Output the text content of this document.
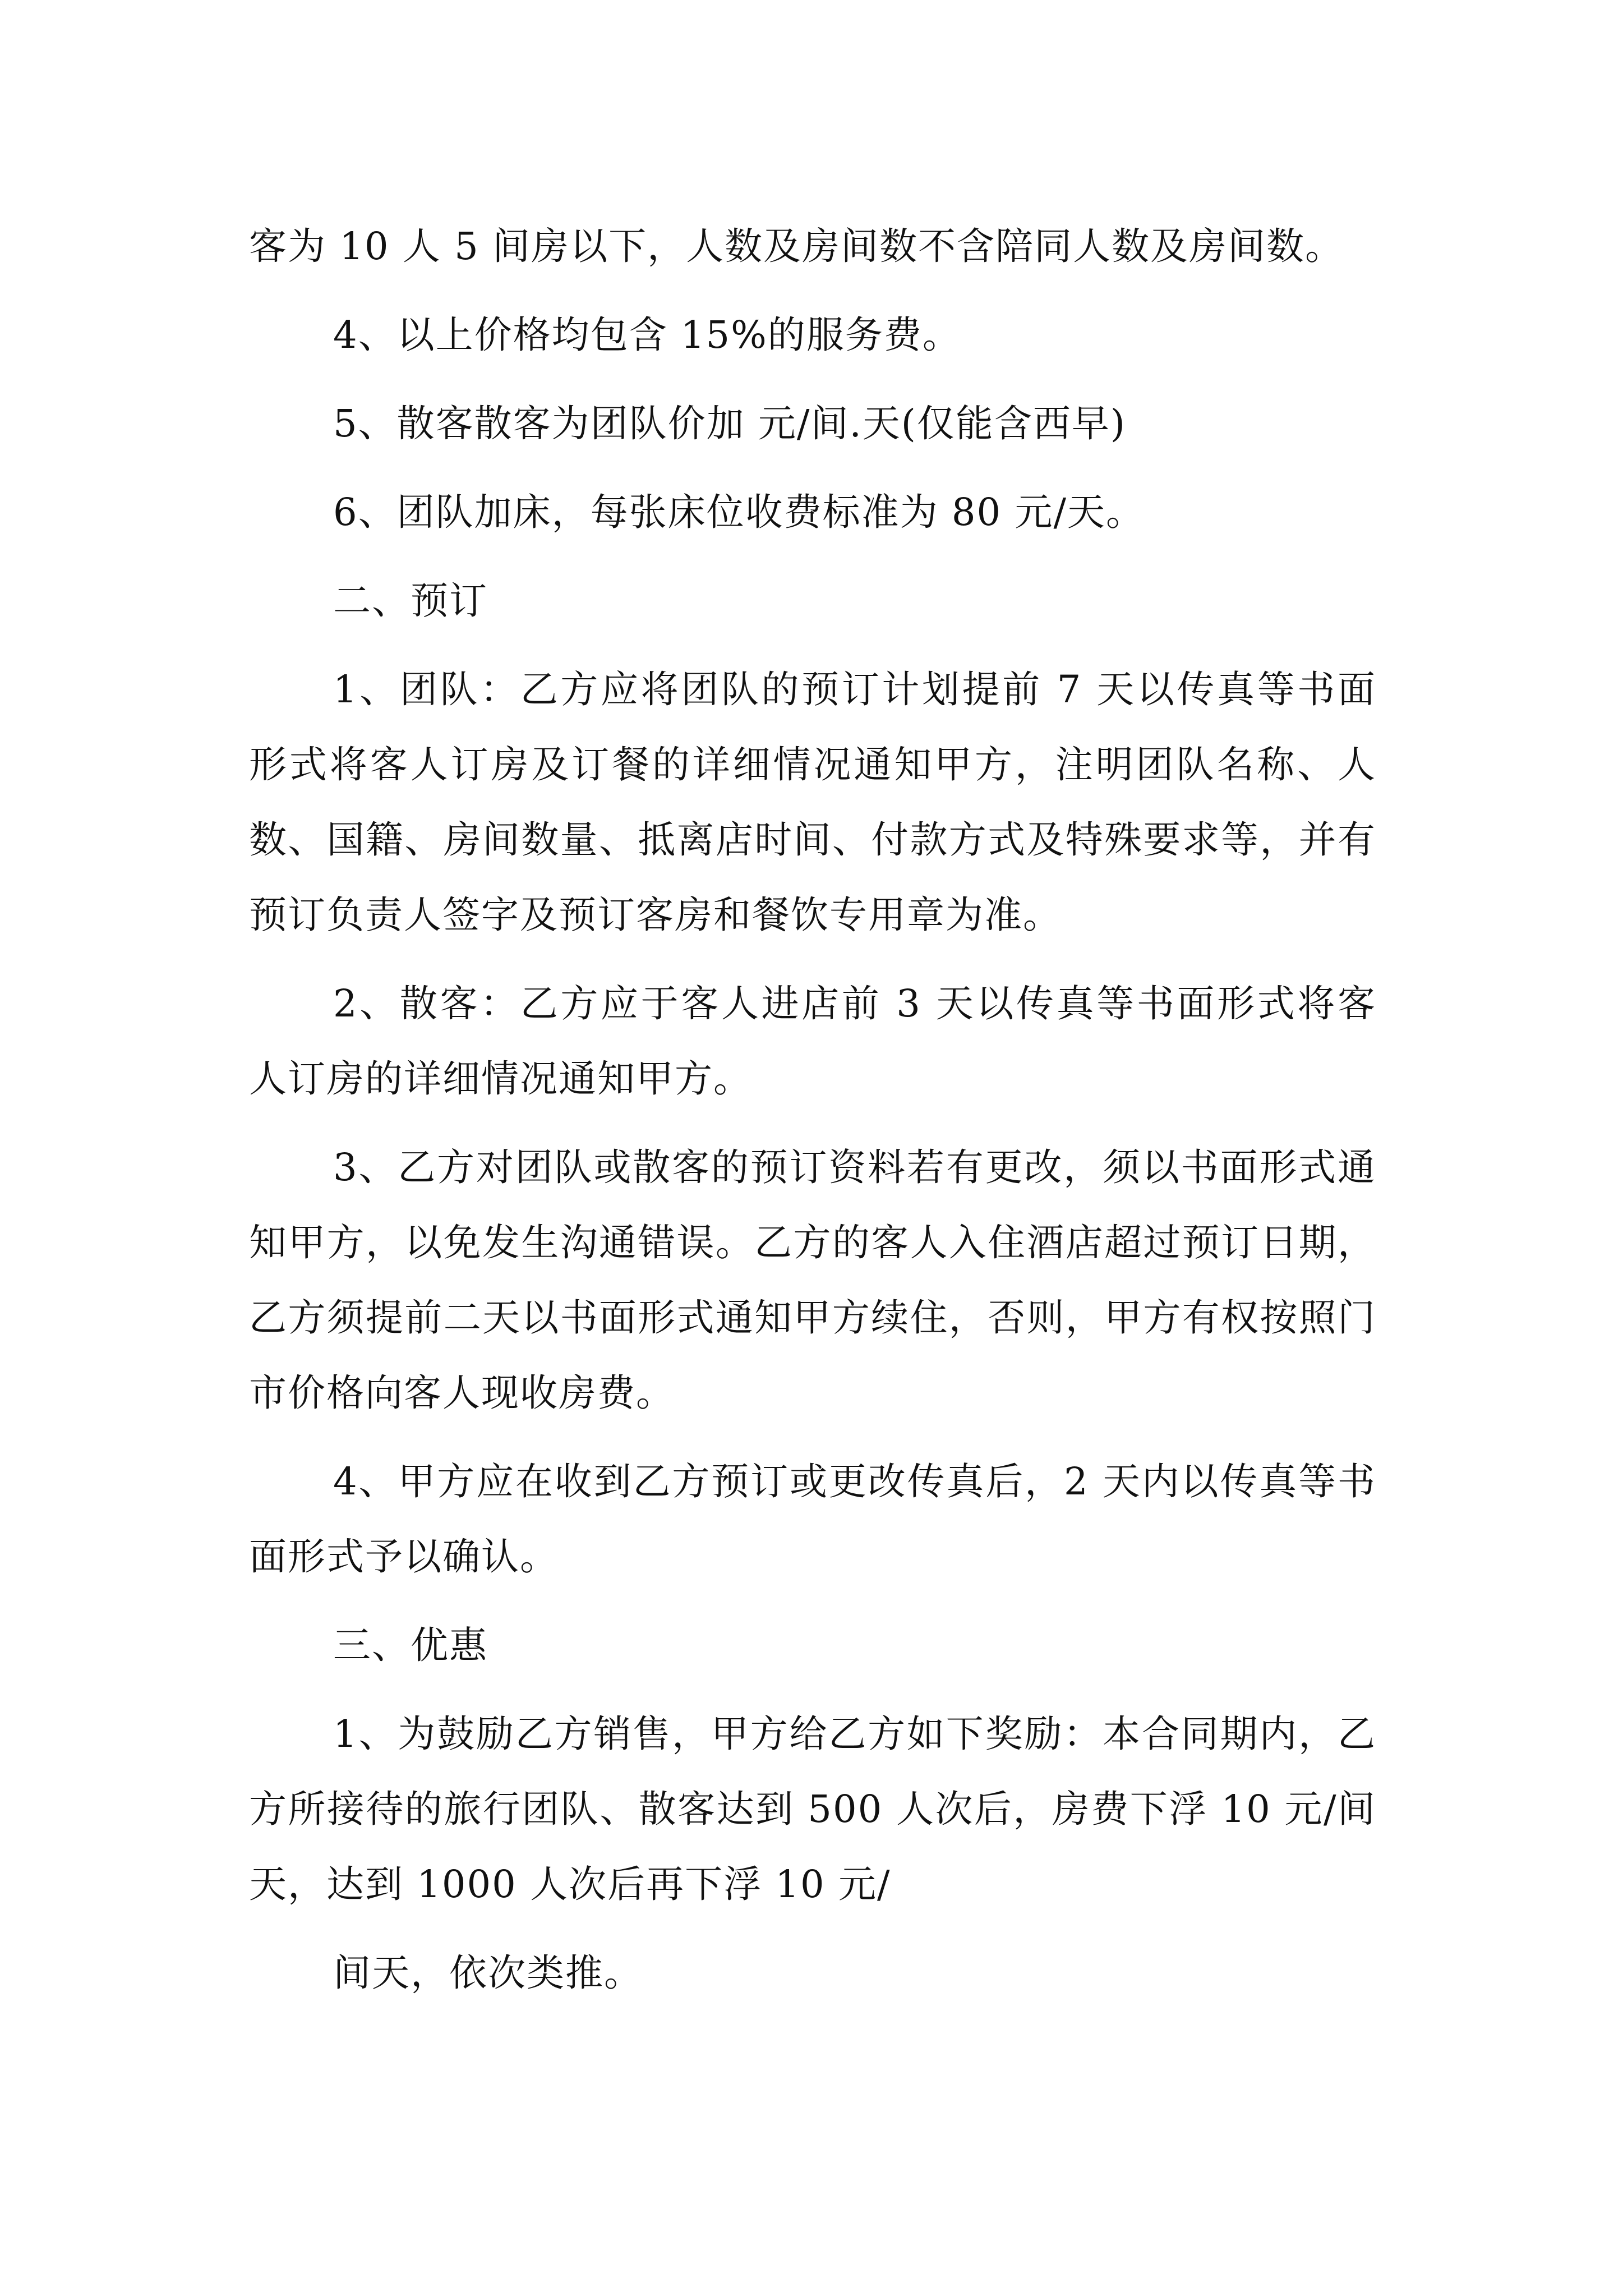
客为 10 人 5 间房以下，人数及房间数不含陪同人数及房间数。

4、以上价格均包含 15%的服务费。

5、散客散客为团队价加 元/间.天(仅能含西早)

6、团队加床，每张床位收费标准为 80 元/天。

二、预订

1、团队：乙方应将团队的预订计划提前 7 天以传真等书面形式将客人订房及订餐的详细情况通知甲方，注明团队名称、人数、国籍、房间数量、抵离店时间、付款方式及特殊要求等，并有预订负责人签字及预订客房和餐饮专用章为准。

2、散客：乙方应于客人进店前 3 天以传真等书面形式将客人订房的详细情况通知甲方。

3、乙方对团队或散客的预订资料若有更改，须以书面形式通知甲方，以免发生沟通错误。乙方的客人入住酒店超过预订日期，乙方须提前二天以书面形式通知甲方续住，否则，甲方有权按照门市价格向客人现收房费。

4、甲方应在收到乙方预订或更改传真后，2 天内以传真等书面形式予以确认。

三、优惠

1、为鼓励乙方销售，甲方给乙方如下奖励：本合同期内，乙方所接待的旅行团队、散客达到 500 人次后，房费下浮 10 元/间天，达到 1000 人次后再下浮 10 元/

间天，依次类推。
